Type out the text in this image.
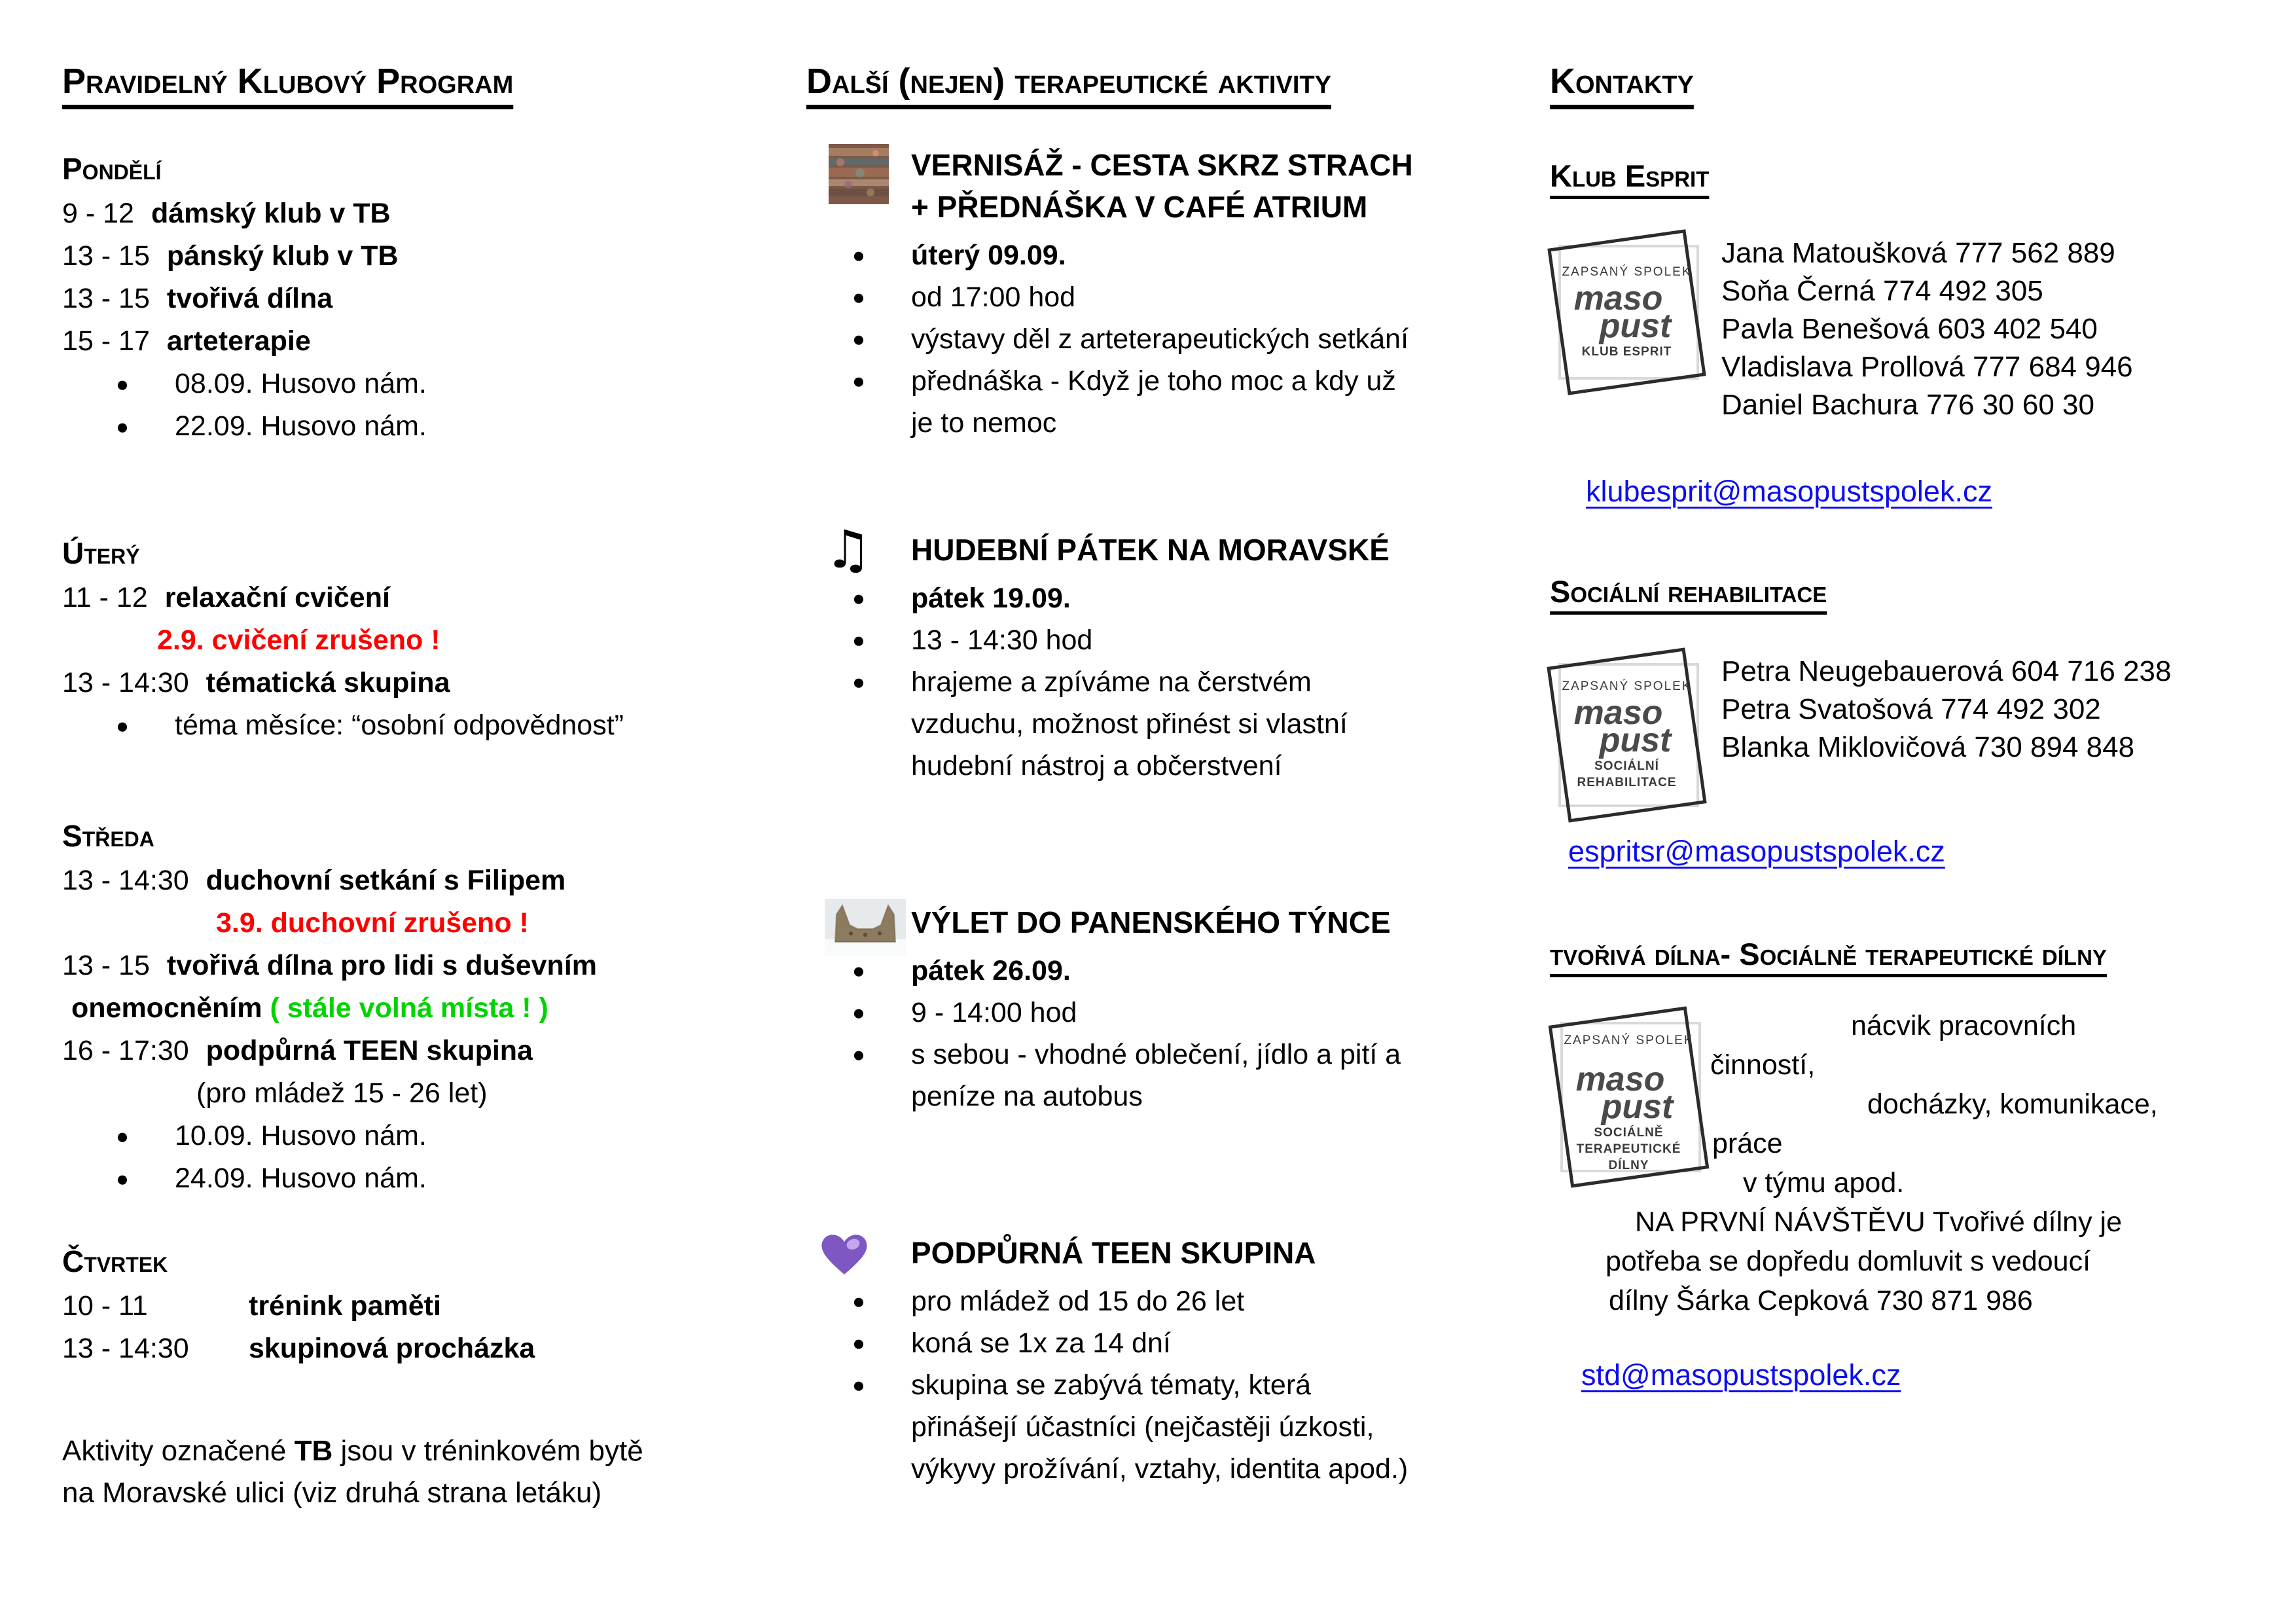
Pravidelný Klubový Program
Pondělí
9 - 12 dámský klub v TB
13 - 15 pánský klub v TB
13 - 15 tvořivá dílna
15 - 17 arteterapie
● 08.09. Husovo nám.
● 22.09. Husovo nám.
Úterý
11 - 12 relaxační cvičení
2.9. cvičení zrušeno !
13 - 14:30 tématická skupina
● téma měsíce: “osobní odpovědnost”
Středa
13 - 14:30 duchovní setkání s Filipem
3.9. duchovní zrušeno !
13 - 15 tvořivá dílna pro lidi s duševním
onemocněním ( stále volná místa ! )
16 - 17:30 podpůrná TEEN skupina
(pro mládež 15 - 26 let)
● 10.09. Husovo nám.
● 24.09. Husovo nám.
Čtvrtek
10 - 11	trénink paměti
13 - 14:30 skupinová procházka
Aktivity označené TB jsou v tréninkovém bytě
na Moravské ulici (viz druhá strana letáku)
Další (nejen) terapeutické aktivity
VERNISÁŽ - CESTA SKRZ STRACH
+ PŘEDNÁŠKA V CAFÉ ATRIUM
● úterý 09.09.
● od 17:00 hod
● výstavy děl z arteterapeutických setkání
● přednáška - Když je toho moc a kdy už
je to nemoc
♫ HUDEBNÍ PÁTEK NA MORAVSKÉ
● pátek 19.09.
● 13 - 14:30 hod
● hrajeme a zpíváme na čerstvém
vzduchu, možnost přinést si vlastní
hudební nástroj a občerstvení
VÝLET DO PANENSKÉHO TÝNCE
● pátek 26.09.
● 9 - 14:00 hod
● s sebou - vhodné oblečení, jídlo a pití a
peníze na autobus
PODPŮRNÁ TEEN SKUPINA
● pro mládež od 15 do 26 let
● koná se 1x za 14 dní
● skupina se zabývá tématy, která
přinášejí účastníci (nejčastěji úzkosti,
výkyvy prožívání, vztahy, identita apod.)
Kontakty
Klub Esprit
ZAPSANÝ SPOLEK
maso
pust
KLUB ESPRIT
Jana Matoušková 777 562 889
Soňa Černá 774 492 305
Pavla Benešová 603 402 540
Vladislava Prollová 777 684 946
Daniel Bachura 776 30 60 30
klubesprit@masopustspolek.cz
Sociální rehabilitace
ZAPSANÝ SPOLEK
maso
pust
SOCIÁLNÍ REHABILITACE
Petra Neugebauerová 604 716 238
Petra Svatošová 774 492 302
Blanka Miklovičová 730 894 848
espritsr@masopustspolek.cz
tvořivá dílna- Sociálně terapeutické dílny
ZAPSANÝ SPOLEK
maso
pust
SOCIÁLNĚ TERAPEUTICKÉ DÍLNY
nácvik pracovních
činností,
docházky, komunikace,
práce
v týmu apod.
NA PRVNÍ NÁVŠTĚVU Tvořivé dílny je
potřeba se dopředu domluvit s vedoucí
dílny Šárka Cepková 730 871 986
std@masopustspolek.cz
